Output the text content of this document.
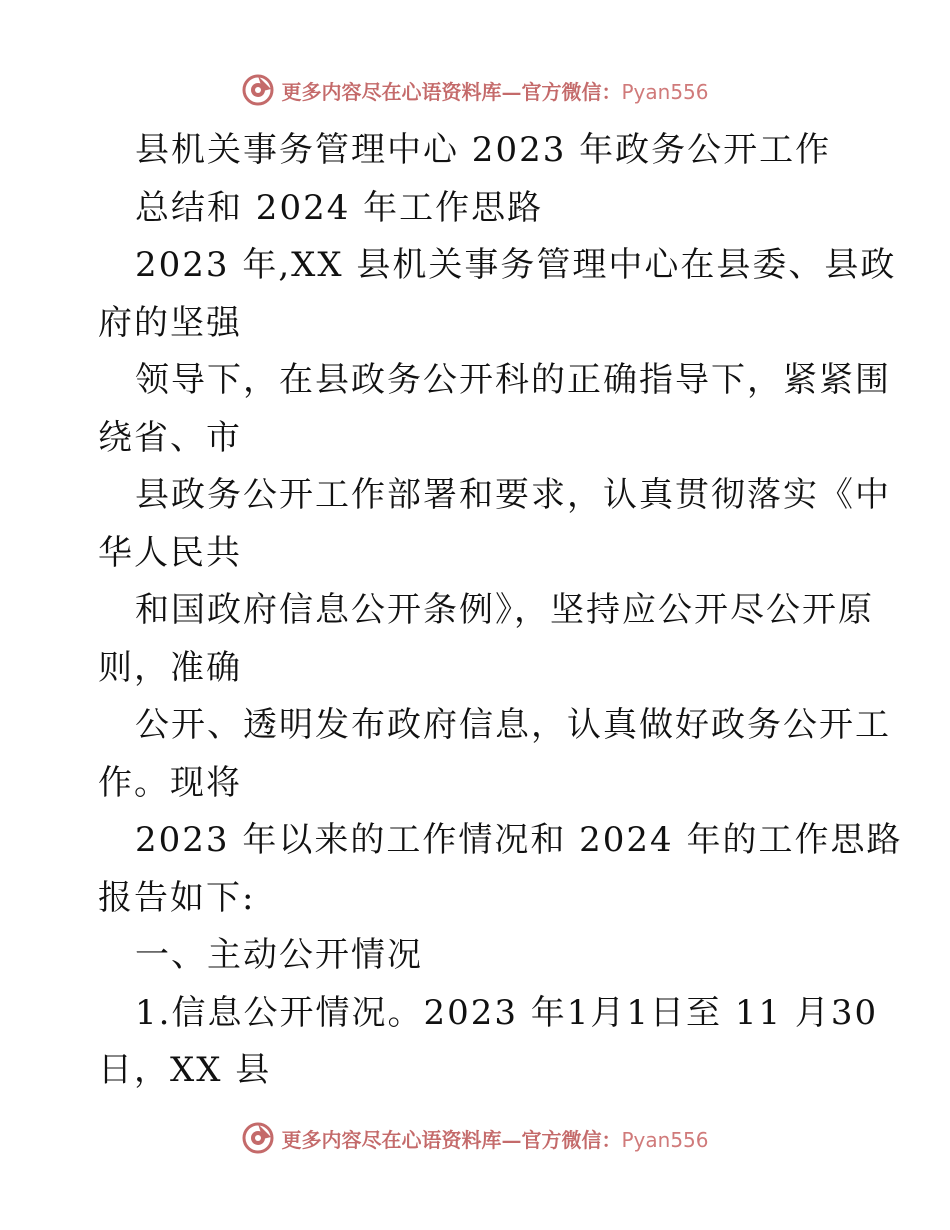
更多内容尽在心语资料库—官方微信：Pyan556
县机关事务管理中心 2023 年政务公开工作
总结和 2024 年工作思路
2023 年,XX 县机关事务管理中心在县委、县政
府的坚强
领导下，在县政务公开科的正确指导下，紧紧围
绕省、市
县政务公开工作部署和要求，认真贯彻落实《中
华人民共
和国政府信息公开条例》，坚持应公开尽公开原
则，准确
公开、透明发布政府信息，认真做好政务公开工
作。现将
2023 年以来的工作情况和 2024 年的工作思路
报告如下:
一、主动公开情况
1.信息公开情况。2023 年1月1日至 11 月30
日，XX 县
更多内容尽在心语资料库—官方微信：Pyan556
